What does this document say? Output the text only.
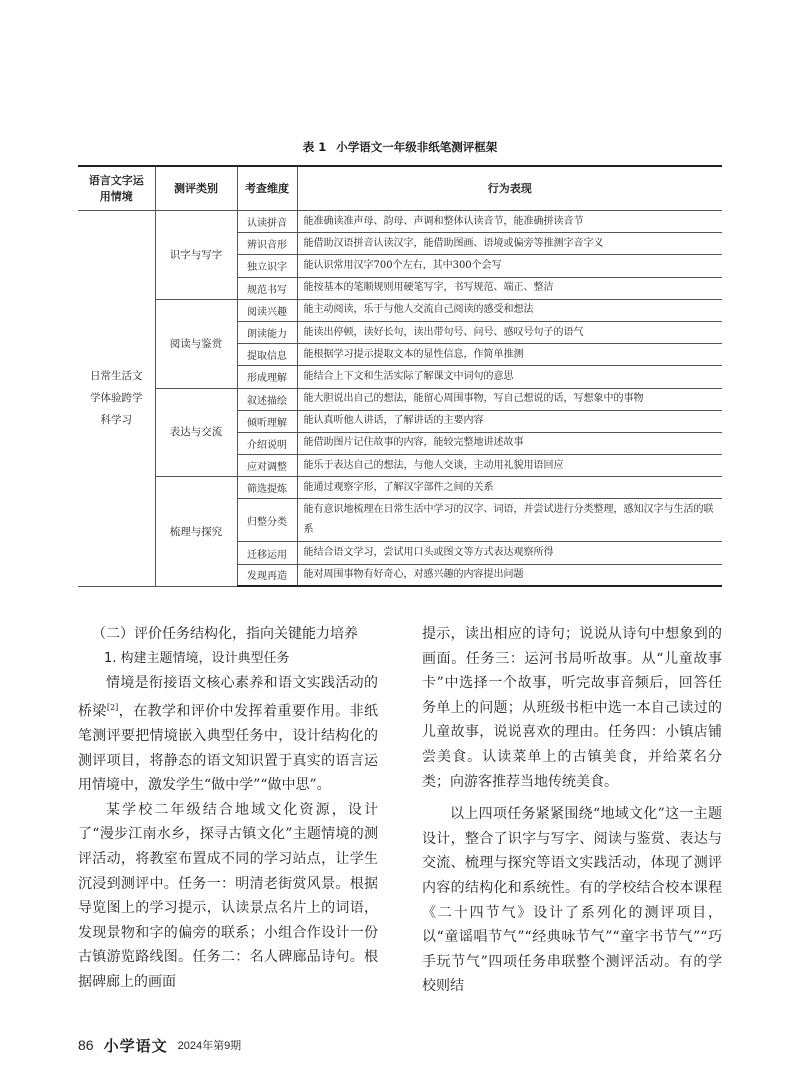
表 1 小学语文一年级非纸笔测评框架
语言文字运用情境	测评类别	考查维度	行为表现
日常生活文学体验跨学科学习	识字与写字	认读拼音	能准确读准声母、韵母、声调和整体认读音节，能准确拼读音节
		辨识音形	能借助汉语拼音认读汉字，能借助图画、语境或偏旁等推测字音字义
		独立识字	能认识常用汉字700个左右，其中300个会写
		规范书写	能按基本的笔顺规则用硬笔写字，书写规范、端正、整洁
	阅读与鉴赏	阅读兴趣	能主动阅读，乐于与他人交流自己阅读的感受和想法
		朗读能力	能读出停顿，读好长句，读出带句号、问号、感叹号句子的语气
		提取信息	能根据学习提示提取文本的显性信息，作简单推测
		形成理解	能结合上下文和生活实际了解课文中词句的意思
	表达与交流	叙述描绘	能大胆说出自己的想法，能留心周围事物，写自己想说的话，写想象中的事物
		倾听理解	能认真听他人讲话，了解讲话的主要内容
		介绍说明	能借助图片记住故事的内容，能较完整地讲述故事
		应对调整	能乐于表达自己的想法，与他人交谈，主动用礼貌用语回应
	梳理与探究	筛选提炼	能通过观察字形，了解汉字部件之间的关系
		归整分类	能有意识地梳理在日常生活中学习的汉字、词语，并尝试进行分类整理，感知汉字与生活的联系
		迁移运用	能结合语文学习，尝试用口头或图文等方式表达观察所得
		发现再造	能对周围事物有好奇心，对感兴趣的内容提出问题
（二）评价任务结构化，指向关键能力培养
1. 构建主题情境，设计典型任务

情境是衔接语文核心素养和语文实践活动的桥梁[2]，在教学和评价中发挥着重要作用。非纸笔测评要把情境嵌入典型任务中，设计结构化的测评项目，将静态的语文知识置于真实的语言运用情境中，激发学生“做中学”“做中思”。

某学校二年级结合地域文化资源，设计了“漫步江南水乡，探寻古镇文化”主题情境的测评活动，将教室布置成不同的学习站点，让学生沉浸到测评中。任务一：明清老街赏风景。根据导览图上的学习提示，认读景点名片上的词语，发现景物和字的偏旁的联系；小组合作设计一份古镇游览路线图。任务二：名人碑廊品诗句。根据碑廊上的画面

提示，读出相应的诗句；说说从诗句中想象到的画面。任务三：运河书局听故事。从“儿童故事卡”中选择一个故事，听完故事音频后，回答任务单上的问题；从班级书柜中选一本自己读过的儿童故事，说说喜欢的理由。任务四：小镇店铺尝美食。认读菜单上的古镇美食，并给菜名分类；向游客推荐当地传统美食。

以上四项任务紧紧围绕“地域文化”这一主题设计，整合了识字与写字、阅读与鉴赏、表达与交流、梳理与探究等语文实践活动，体现了测评内容的结构化和系统性。有的学校结合校本课程《二十四节气》设计了系列化的测评项目，以“童谣唱节气”“经典咏节气”“童字书节气”“巧手玩节气”四项任务串联整个测评活动。有的学校则结

86 小学语文 2024年第9期
